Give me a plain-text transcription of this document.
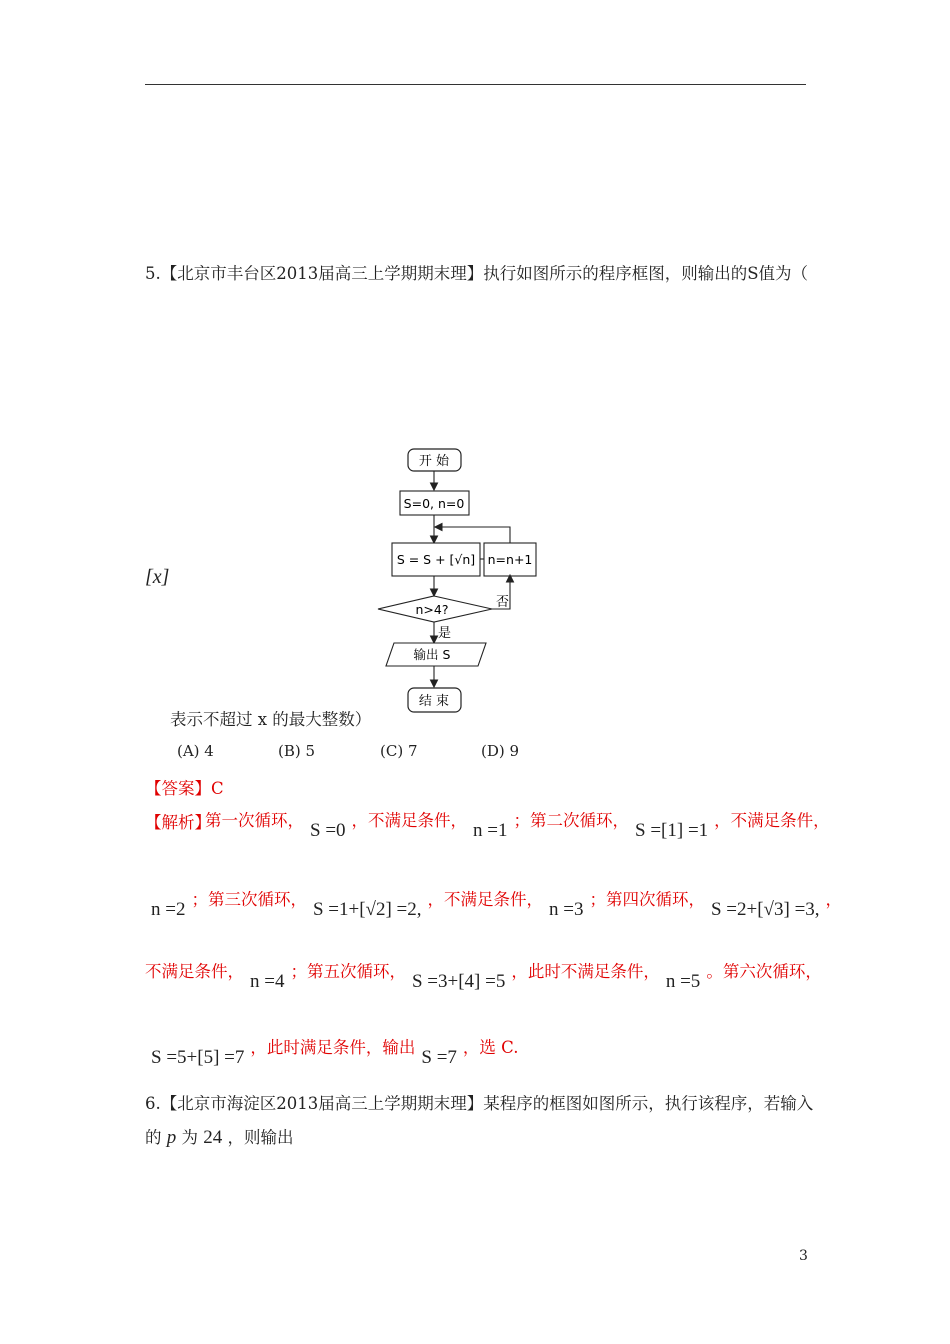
5.【北京市丰台区2013届高三上学期期末理】执行如图所示的程序框图，则输出的S值为（
[x]
开 始
S=0, n=0
S = S + [√n] n=n+1
n>4?	否
是
输出 S
结 束
表示不超过 x 的最大整数）
(A) 4	(B) 5	(C) 7	(D) 9
【答案】C
【解析】
第一次循环， S =0 ，不满足条件， n =1 ；第二次循环， S =[1] =1 ，不满足条件，
n =2 ；第三次循环， S =1+[√2] =2, ，不满足条件， n =3 ；第四次循环， S =2+[√3] =3, ，
不满足条件， n =4 ；第五次循环， S =3+[4] =5 ，此时不满足条件， n =5 。第六次循环，
S =5+[5] =7 ，此时满足条件，输出 S =7 ，选 C.
6.【北京市海淀区2013届高三上学期期末理】某程序的框图如图所示，执行该程序，若输入
的 p 为 24 ，则输出
3
